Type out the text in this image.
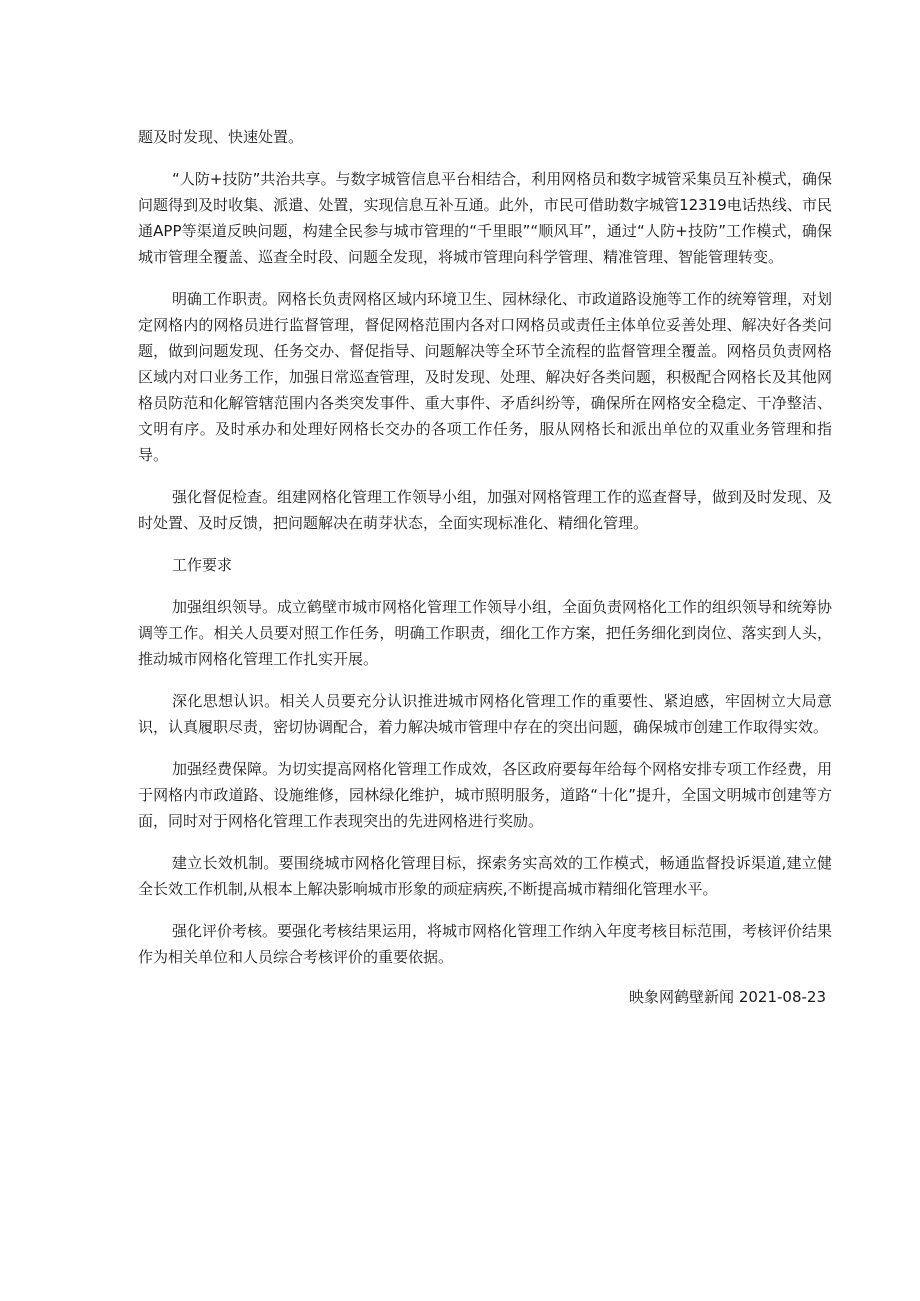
题及时发现、快速处置。

“人防+技防”共治共享。与数字城管信息平台相结合，利用网格员和数字城管采集员互补模式，确保问题得到及时收集、派遣、处置，实现信息互补互通。此外，市民可借助数字城管12319电话热线、市民通APP等渠道反映问题，构建全民参与城市管理的“千里眼”“顺风耳”，通过“人防+技防”工作模式，确保城市管理全覆盖、巡查全时段、问题全发现，将城市管理向科学管理、精准管理、智能管理转变。

明确工作职责。网格长负责网格区域内环境卫生、园林绿化、市政道路设施等工作的统筹管理，对划定网格内的网格员进行监督管理，督促网格范围内各对口网格员或责任主体单位妥善处理、解决好各类问题，做到问题发现、任务交办、督促指导、问题解决等全环节全流程的监督管理全覆盖。网格员负责网格区域内对口业务工作，加强日常巡查管理，及时发现、处理、解决好各类问题，积极配合网格长及其他网格员防范和化解管辖范围内各类突发事件、重大事件、矛盾纠纷等，确保所在网格安全稳定、干净整洁、文明有序。及时承办和处理好网格长交办的各项工作任务，服从网格长和派出单位的双重业务管理和指导。

强化督促检查。组建网格化管理工作领导小组，加强对网格管理工作的巡查督导，做到及时发现、及时处置、及时反馈，把问题解决在萌芽状态，全面实现标准化、精细化管理。

工作要求

加强组织领导。成立鹤壁市城市网格化管理工作领导小组，全面负责网格化工作的组织领导和统筹协调等工作。相关人员要对照工作任务，明确工作职责，细化工作方案，把任务细化到岗位、落实到人头，推动城市网格化管理工作扎实开展。

深化思想认识。相关人员要充分认识推进城市网格化管理工作的重要性、紧迫感，牢固树立大局意识，认真履职尽责，密切协调配合，着力解决城市管理中存在的突出问题，确保城市创建工作取得实效。

加强经费保障。为切实提高网格化管理工作成效，各区政府要每年给每个网格安排专项工作经费，用于网格内市政道路、设施维修，园林绿化维护，城市照明服务，道路“十化”提升，全国文明城市创建等方面，同时对于网格化管理工作表现突出的先进网格进行奖励。

建立长效机制。要围绕城市网格化管理目标，探索务实高效的工作模式，畅通监督投诉渠道,建立健全长效工作机制,从根本上解决影响城市形象的顽症病疾,不断提高城市精细化管理水平。

强化评价考核。要强化考核结果运用，将城市网格化管理工作纳入年度考核目标范围，考核评价结果作为相关单位和人员综合考核评价的重要依据。

映象网鹤壁新闻 2021-08-23
